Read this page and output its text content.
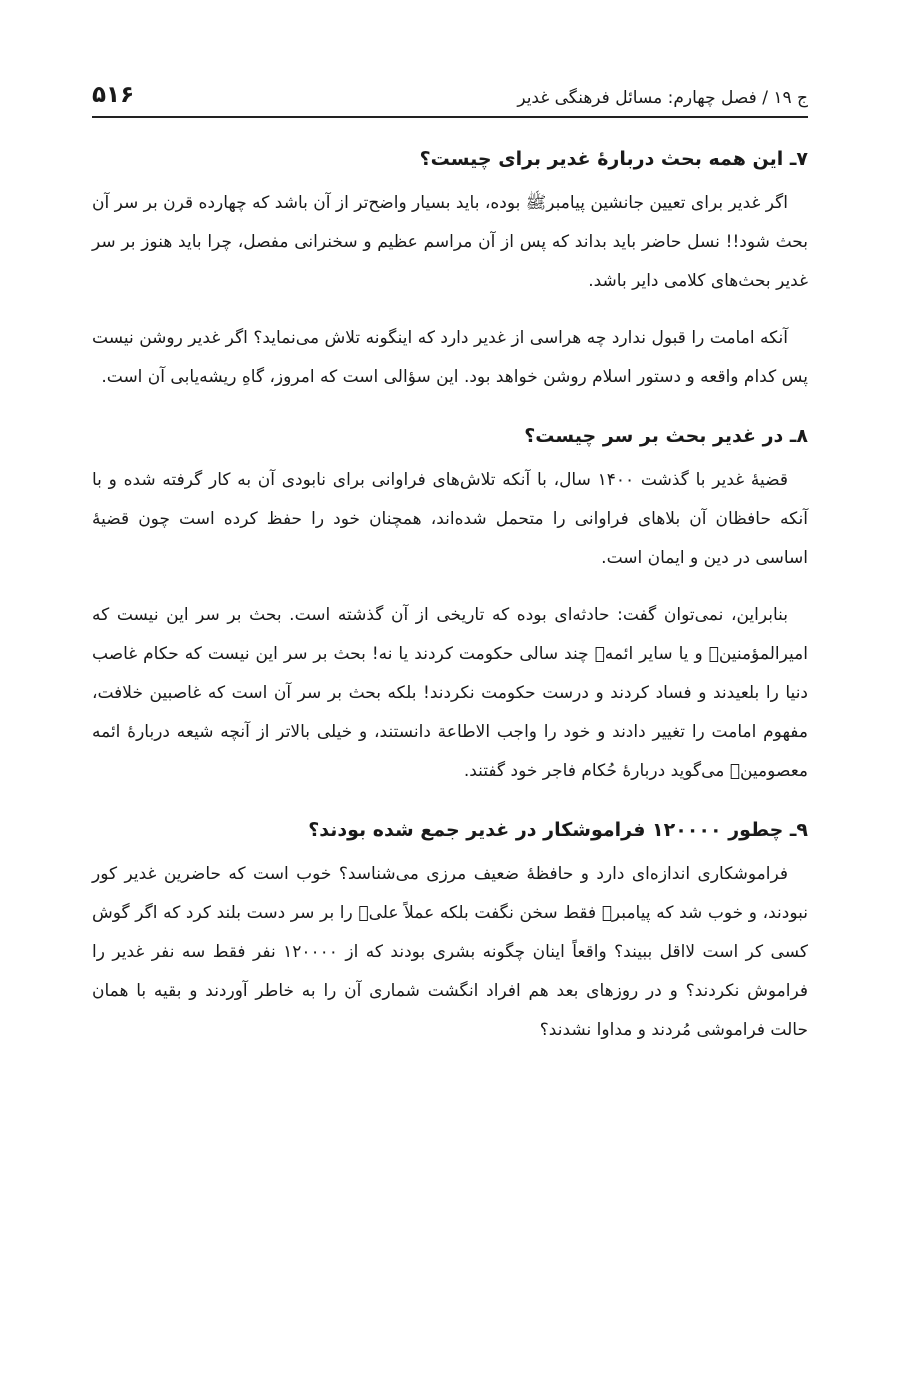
ج ۱۹ / فصل چهارم: مسائل فرهنگی غدیر
۵۱۶
۷ـ این همه بحث دربارۀ غدیر برای چیست؟

اگر غدیر برای تعیین جانشین پیامبرﷺ بوده، باید بسیار واضح‌تر از آن باشد که چهارده قرن بر سر آن بحث شود!! نسل حاضر باید بداند که پس از آن مراسم عظیم و سخنرانی مفصل، چرا باید هنوز بر سر غدیر بحث‌های کلامی دایر باشد.

آنکه امامت را قبول ندارد چه هراسی از غدیر دارد که اینگونه تلاش می‌نماید؟ اگر غدیر روشن نیست پس کدام واقعه و دستور اسلام روشن خواهد بود. این سؤالی است که امروز، گاهِ ریشه‌یابی آن است.

۸ـ در غدیر بحث بر سر چیست؟

قضیۀ غدیر با گذشت ۱۴۰۰ سال، با آنکه تلاش‌های فراوانی برای نابودی آن به کار گرفته شده و با آنکه حافظان آن بلاهای فراوانی را متحمل شده‌اند، همچنان خود را حفظ کرده است چون قضیۀ اساسی در دین و ایمان است.

بنابراین، نمی‌توان گفت: حادثه‌ای بوده که تاریخی از آن گذشته است. بحث بر سر این نیست که امیرالمؤمنینؑ و یا سایر ائمهؑ چند سالی حکومت کردند یا نه! بحث بر سر این نیست که حکام غاصب دنیا را بلعیدند و فساد کردند و درست حکومت نکردند! بلکه بحث بر سر آن است که غاصبین خلافت، مفهوم امامت را تغییر دادند و خود را واجب الاطاعة دانستند، و خیلی بالاتر از آنچه شیعه دربارۀ ائمه معصومینؑ می‌گوید دربارۀ حُکام فاجر خود گفتند.

۹ـ چطور ۱۲۰۰۰۰ فراموشکار در غدیر جمع شده بودند؟

فراموشکاری اندازه‌ای دارد و حافظۀ ضعیف مرزی می‌شناسد؟ خوب است که حاضرین غدیر کور نبودند، و خوب شد که پیامبرﷺ فقط سخن نگفت بلکه عملاً علیؑ را بر سر دست بلند کرد که اگر گوش کسی کر است لااقل ببیند؟ واقعاً اینان چگونه بشری بودند که از ۱۲۰۰۰۰ نفر فقط سه نفر غدیر را فراموش نکردند؟ و در روزهای بعد هم افراد انگشت شماری آن را به خاطر آوردند و بقیه با همان حالت فراموشی مُردند و مداوا نشدند؟
